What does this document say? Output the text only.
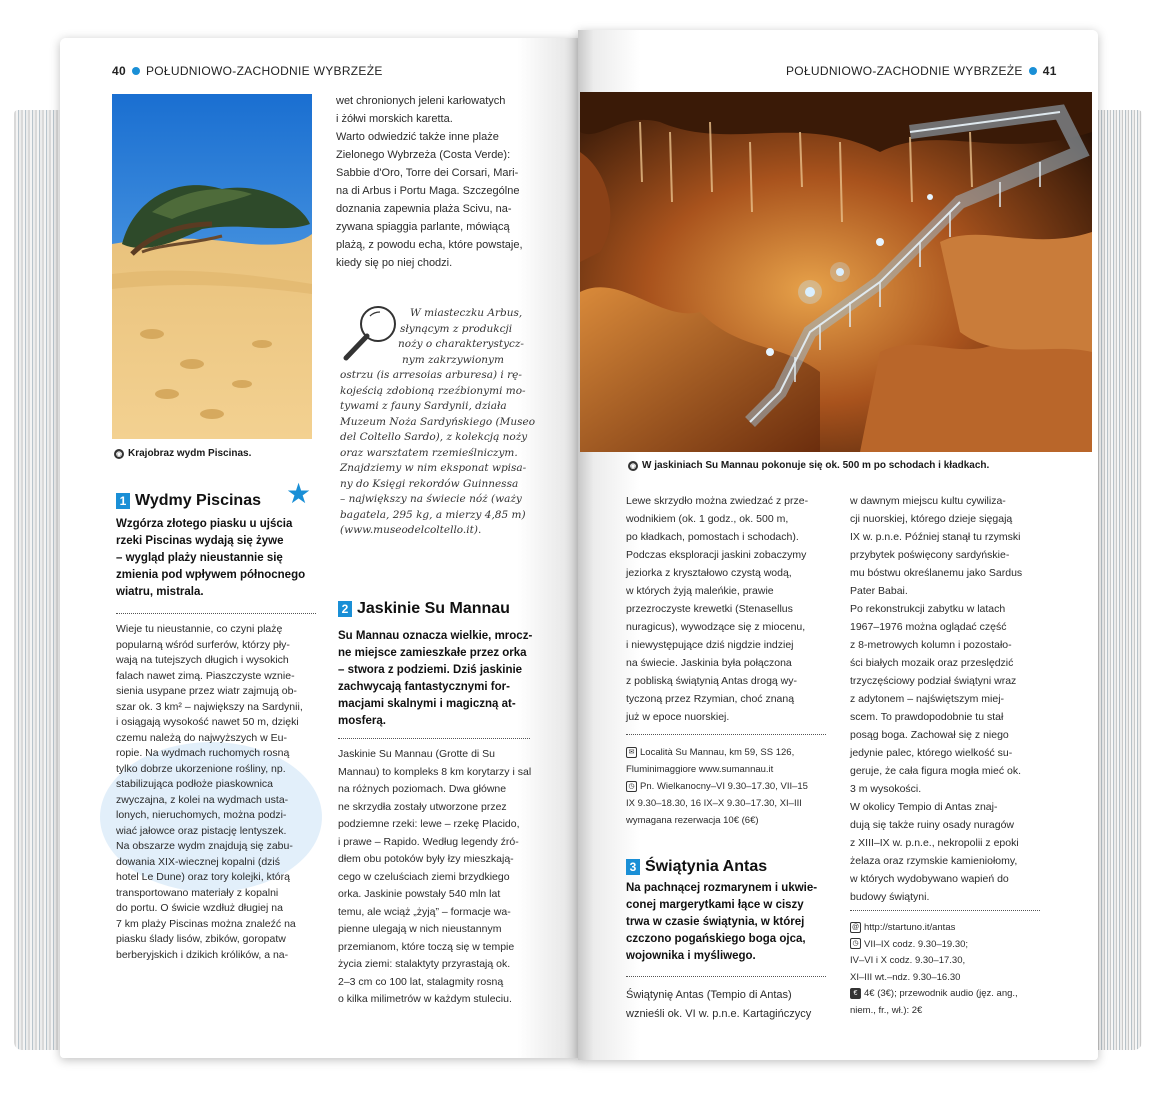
40 POŁUDNIOWO-ZACHODNIE WYBRZEŻE
◉ Krajobraz wydm Piscinas.
1 Wydmy Piscinas ★
Wzgórza złotego piasku u ujścia
rzeki Piscinas wydają się żywe
– wygląd plaży nieustannie się
zmienia pod wpływem północnego
wiatru, mistrala.
Wieje tu nieustannie, co czyni plażę
popularną wśród surferów, którzy pły-
wają na tutejszych długich i wysokich
falach nawet zimą. Piaszczyste wznie-
sienia usypane przez wiatr zajmują ob-
szar ok. 3 km² – największy na Sardynii,
i osiągają wysokość nawet 50 m, dzięki
czemu należą do najwyższych w Eu-
ropie. Na wydmach ruchomych rosną
tylko dobrze ukorzenione rośliny, np.
stabilizująca podłoże piaskownica
zwyczajna, z kolei na wydmach usta-
lonych, nieruchomych, można podzi-
wiać jałowce oraz pistację lentyszek.
Na obszarze wydm znajdują się zabu-
dowania XIX-wiecznej kopalni (dziś
hotel Le Dune) oraz tory kolejki, którą
transportowano materiały z kopalni
do portu. O świcie wzdłuż długiej na
7 km plaży Piscinas można znaleźć na
piasku ślady lisów, zbików, goropatw
berberyjskich i dzikich królików, a na-
wet chronionych jeleni karłowatych
i żółwi morskich karetta.
Warto odwiedzić także inne plaże
Zielonego Wybrzeża (Costa Verde):
Sabbie d'Oro, Torre dei Corsari, Mari-
na di Arbus i Portu Maga. Szczególne
doznania zapewnia plaża Scivu, na-
zywana spiaggia parlante, mówiącą
plażą, z powodu echa, które powstaje,
kiedy się po niej chodzi.
W miasteczku Arbus,
słynącym z produkcji
noży o charakterystycz-
nym zakrzywionym
ostrzu (is arresoias arburesa) i rę-
kojeścią zdobioną rzeźbionymi mo-
tywami z fauny Sardynii, działa
Muzeum Noża Sardyńskiego (Museo
del Coltello Sardo), z kolekcją noży
oraz warsztatem rzemieślniczym.
Znajdziemy w nim eksponat wpisa-
ny do Księgi rekordów Guinnessa
– największy na świecie nóż (waży
bagatela, 295 kg, a mierzy 4,85 m)
(www.museodelcoltello.it).
2 Jaskinie Su Mannau
Su Mannau oznacza wielkie, mrocz-
ne miejsce zamieszkałe przez orka
– stwora z podziemi. Dziś jaskinie
zachwycają fantastycznymi for-
macjami skalnymi i magiczną at-
mosferą.
Jaskinie Su Mannau (Grotte di Su
Mannau) to kompleks 8 km korytarzy i sal
na różnych poziomach. Dwa główne
ne skrzydła zostały utworzone przez
podziemne rzeki: lewe – rzekę Placido,
i prawe – Rapido. Według legendy źró-
dłem obu potoków były łzy mieszkają-
cego w czeluściach ziemi brzydkiego
orka. Jaskinie powstały 540 mln lat
temu, ale wciąż „żyją” – formacje wa-
pienne ulegają w nich nieustannym
przemianom, które toczą się w tempie
życia ziemi: stalaktyty przyrastają ok.
2–3 cm co 100 lat, stalagmity rosną
o kilka milimetrów w każdym stuleciu.
POŁUDNIOWO-ZACHODNIE WYBRZEŻE 41
◉ W jaskiniach Su Mannau pokonuje się ok. 500 m po schodach i kładkach.
Lewe skrzydło można zwiedzać z prze-
wodnikiem (ok. 1 godz., ok. 500 m,
po kładkach, pomostach i schodach).
Podczas eksploracji jaskini zobaczymy
jeziorka z kryształowo czystą wodą,
w których żyją maleńkie, prawie
przezroczyste krewetki (Stenasellus
nuragicus), wywodzące się z miocenu,
i niewystępujące dziś nigdzie indziej
na świecie. Jaskinia była połączona
z pobliską świątynią Antas drogą wy-
tyczoną przez Rzymian, choć znaną
już w epoce nuorskiej.
✉ Località Su Mannau, km 59, SS 126,
Fluminimaggiore www.sumannau.it
◷ Pn. Wielkanocny–VI 9.30–17.30, VII–15
IX 9.30–18.30, 16 IX–X 9.30–17.30, XI–III
wymagana rezerwacja 10€ (6€)
3 Świątynia Antas
Na pachnącej rozmarynem i ukwie-
conej margerytkami łące w ciszy
trwa w czasie świątynia, w której
czczono pogańskiego boga ojca,
wojownika i myśliwego.
Świątynię Antas (Tempio di Antas)
wznieśli ok. VI w. p.n.e. Kartagińczycy
w dawnym miejscu kultu cywiliza-
cji nuorskiej, którego dzieje sięgają
IX w. p.n.e. Później stanął tu rzymski
przybytek poświęcony sardyńskie-
mu bóstwu określanemu jako Sardus
Pater Babai.
Po rekonstrukcji zabytku w latach
1967–1976 można oglądać część
z 8-metrowych kolumn i pozostało-
ści białych mozaik oraz przeslędzić
trzyczęściowy podział świątyni wraz
z adytonem – najświętszym miej-
scem. To prawdopodobnie tu stał
posąg boga. Zachował się z niego
jedynie palec, którego wielkość su-
geruje, że cała figura mogła mieć ok.
3 m wysokości.
W okolicy Tempio di Antas znaj-
dują się także ruiny osady nuragów
z XIII–IX w. p.n.e., nekropolii z epoki
żelaza oraz rzymskie kamieniołomy,
w których wydobywano wapień do
budowy świątyni.
@ http://startuno.it/antas
◷ VII–IX codz. 9.30–19.30;
IV–VI i X codz. 9.30–17.30,
XI–III wt.–ndz. 9.30–16.30
€ 4€ (3€); przewodnik audio (jęz. ang.,
niem., fr., wł.): 2€
